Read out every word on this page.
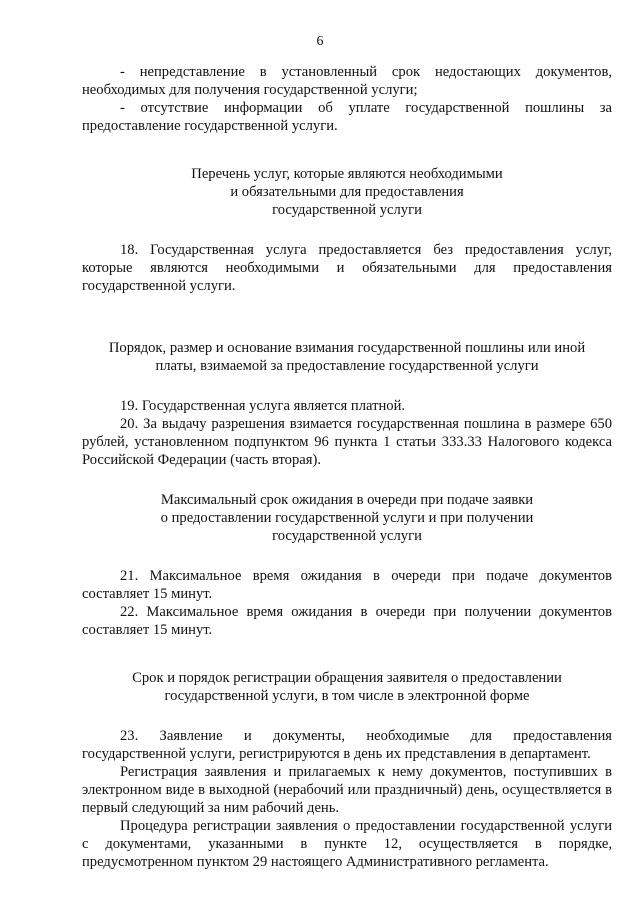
6

- непредставление в установленный срок недостающих документов, необходимых для получения государственной услуги;

- отсутствие информации об уплате государственной пошлины за предоставление государственной услуги.

Перечень услуг, которые являются необходимыми
и обязательными для предоставления
государственной услуги

18. Государственная услуга предоставляется без предоставления услуг, которые являются необходимыми и обязательными для предоставления государственной услуги.

Порядок, размер и основание взимания государственной пошлины или иной
платы, взимаемой за предоставление государственной услуги

19. Государственная услуга является платной.

20. За выдачу разрешения взимается государственная пошлина в размере 650 рублей, установленном подпунктом 96 пункта 1 статьи 333.33 Налогового кодекса Российской Федерации (часть вторая).

Максимальный срок ожидания в очереди при подаче заявки
о предоставлении государственной услуги и при получении
государственной услуги

21. Максимальное время ожидания в очереди при подаче документов составляет 15 минут.

22. Максимальное время ожидания в очереди при получении документов составляет 15 минут.

Срок и порядок регистрации обращения заявителя о предоставлении
государственной услуги, в том числе в электронной форме

23. Заявление и документы, необходимые для предоставления государственной услуги, регистрируются в день их представления в департамент.

Регистрация заявления и прилагаемых к нему документов, поступивших в электронном виде в выходной (нерабочий или праздничный) день, осуществляется в первый следующий за ним рабочий день.

Процедура регистрации заявления о предоставлении государственной услуги с документами, указанными в пункте 12, осуществляется в порядке, предусмотренном пунктом 29 настоящего Административного регламента.
